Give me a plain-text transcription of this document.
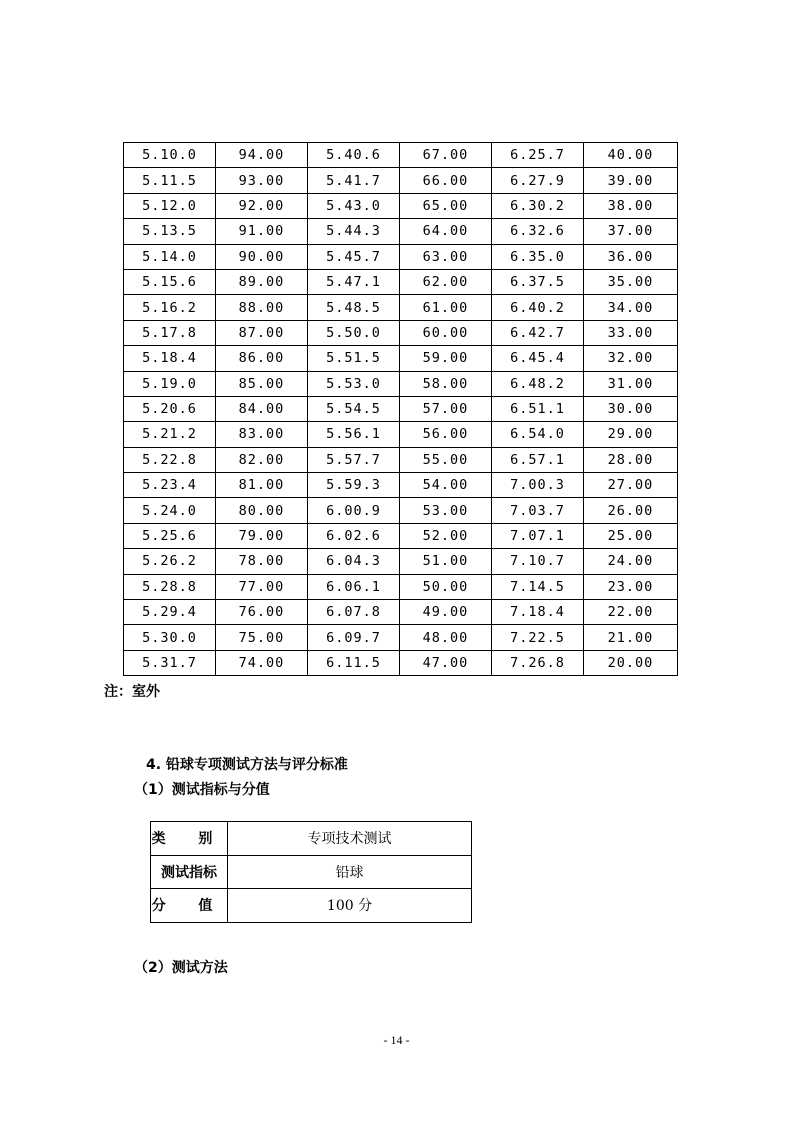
5.10.0	94.00	5.40.6	67.00	6.25.7	40.00
5.11.5	93.00	5.41.7	66.00	6.27.9	39.00
5.12.0	92.00	5.43.0	65.00	6.30.2	38.00
5.13.5	91.00	5.44.3	64.00	6.32.6	37.00
5.14.0	90.00	5.45.7	63.00	6.35.0	36.00
5.15.6	89.00	5.47.1	62.00	6.37.5	35.00
5.16.2	88.00	5.48.5	61.00	6.40.2	34.00
5.17.8	87.00	5.50.0	60.00	6.42.7	33.00
5.18.4	86.00	5.51.5	59.00	6.45.4	32.00
5.19.0	85.00	5.53.0	58.00	6.48.2	31.00
5.20.6	84.00	5.54.5	57.00	6.51.1	30.00
5.21.2	83.00	5.56.1	56.00	6.54.0	29.00
5.22.8	82.00	5.57.7	55.00	6.57.1	28.00
5.23.4	81.00	5.59.3	54.00	7.00.3	27.00
5.24.0	80.00	6.00.9	53.00	7.03.7	26.00
5.25.6	79.00	6.02.6	52.00	7.07.1	25.00
5.26.2	78.00	6.04.3	51.00	7.10.7	24.00
5.28.8	77.00	6.06.1	50.00	7.14.5	23.00
5.29.4	76.00	6.07.8	49.00	7.18.4	22.00
5.30.0	75.00	6.09.7	48.00	7.22.5	21.00
5.31.7	74.00	6.11.5	47.00	7.26.8	20.00
注：室外
4. 铅球专项测试方法与评分标准
（1）测试指标与分值
类 别	专项技术测试
测试指标	铅球
分 值	100 分
（2）测试方法
- 14 -
